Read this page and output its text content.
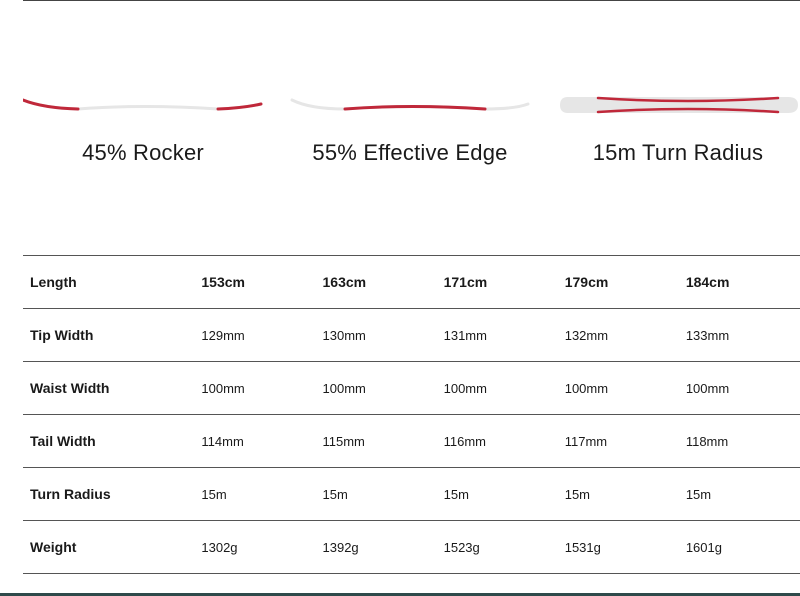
45% Rocker	55% Effective Edge	15m Turn Radius
Length	153cm	163cm	171cm	179cm	184cm
Tip Width	129mm	130mm	131mm	132mm	133mm
Waist Width	100mm	100mm	100mm	100mm	100mm
Tail Width	114mm	115mm	116mm	117mm	118mm
Turn Radius	15m	15m	15m	15m	15m
Weight	1302g	1392g	1523g	1531g	1601g
